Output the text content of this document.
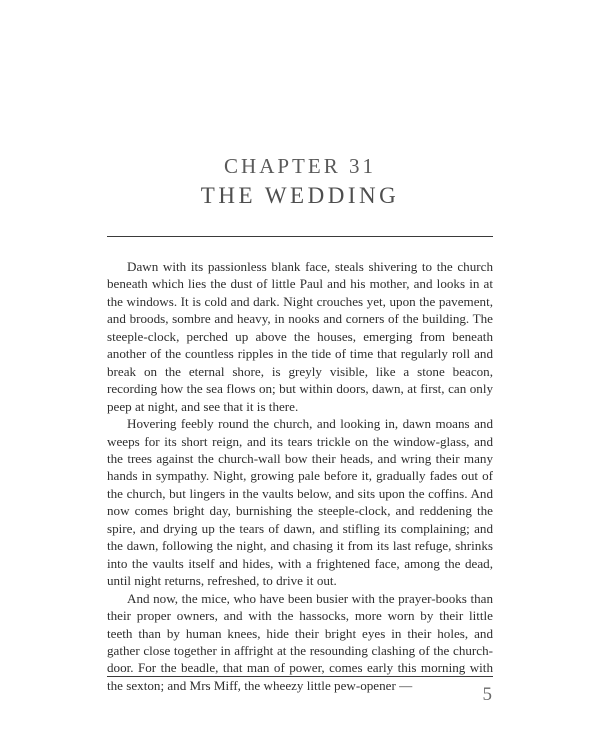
CHAPTER 31
THE WEDDING

Dawn with its passionless blank face, steals shivering to the church beneath which lies the dust of little Paul and his mother, and looks in at the windows. It is cold and dark. Night crouches yet, upon the pavement, and broods, sombre and heavy, in nooks and corners of the building. The steeple-clock, perched up above the houses, emerging from beneath another of the countless ripples in the tide of time that regularly roll and break on the eternal shore, is greyly visible, like a stone beacon, recording how the sea flows on; but within doors, dawn, at first, can only peep at night, and see that it is there.

Hovering feebly round the church, and looking in, dawn moans and weeps for its short reign, and its tears trickle on the window-glass, and the trees against the church-wall bow their heads, and wring their many hands in sympathy. Night, growing pale before it, gradually fades out of the church, but lingers in the vaults below, and sits upon the coffins. And now comes bright day, burnishing the steeple-clock, and reddening the spire, and drying up the tears of dawn, and stifling its complaining; and the dawn, following the night, and chasing it from its last refuge, shrinks into the vaults itself and hides, with a frightened face, among the dead, until night returns, refreshed, to drive it out.

And now, the mice, who have been busier with the prayer-books than their proper owners, and with the hassocks, more worn by their little teeth than by human knees, hide their bright eyes in their holes, and gather close together in affright at the resounding clashing of the church-door. For the beadle, that man of power, comes early this morning with the sexton; and Mrs Miff, the wheezy little pew-opener —	5
